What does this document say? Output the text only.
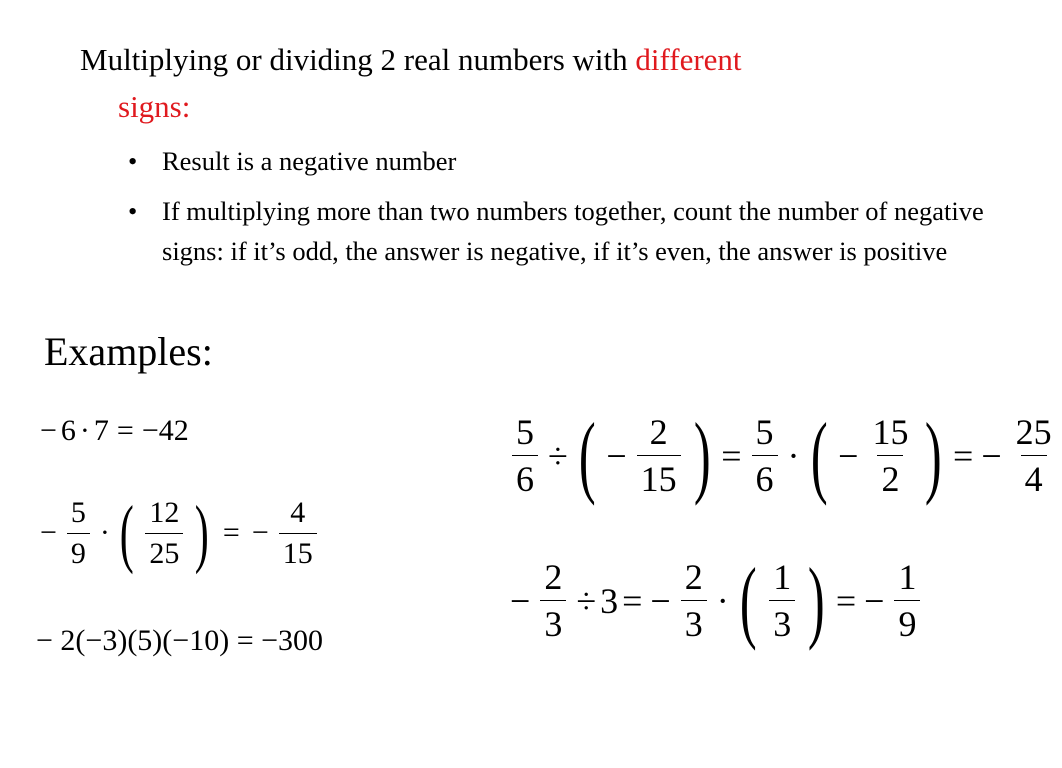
Multiplying or dividing 2 real numbers with different
signs:
• Result is a negative number
• If multiplying more than two numbers together, count the number of negative signs: if it’s odd, the answer is negative, if it’s even, the answer is positive
Examples:
− 6 · 7 = −42
− $\frac{5}{9}$ · ( $\frac{12}{25}$ ) = − $\frac{4}{15}$
− 2(−3)(5)(−10) = −300
$\frac{5}{6}$ ÷ ( − $\frac{2}{15}$ ) = $\frac{5}{6}$ · ( − $\frac{15}{2}$ ) = − $\frac{25}{4}$
− $\frac{2}{3} \div 3$ = − $\frac{2}{3}$ · ( $\frac{1}{3}$ ) = − $\frac{1}{9}$
